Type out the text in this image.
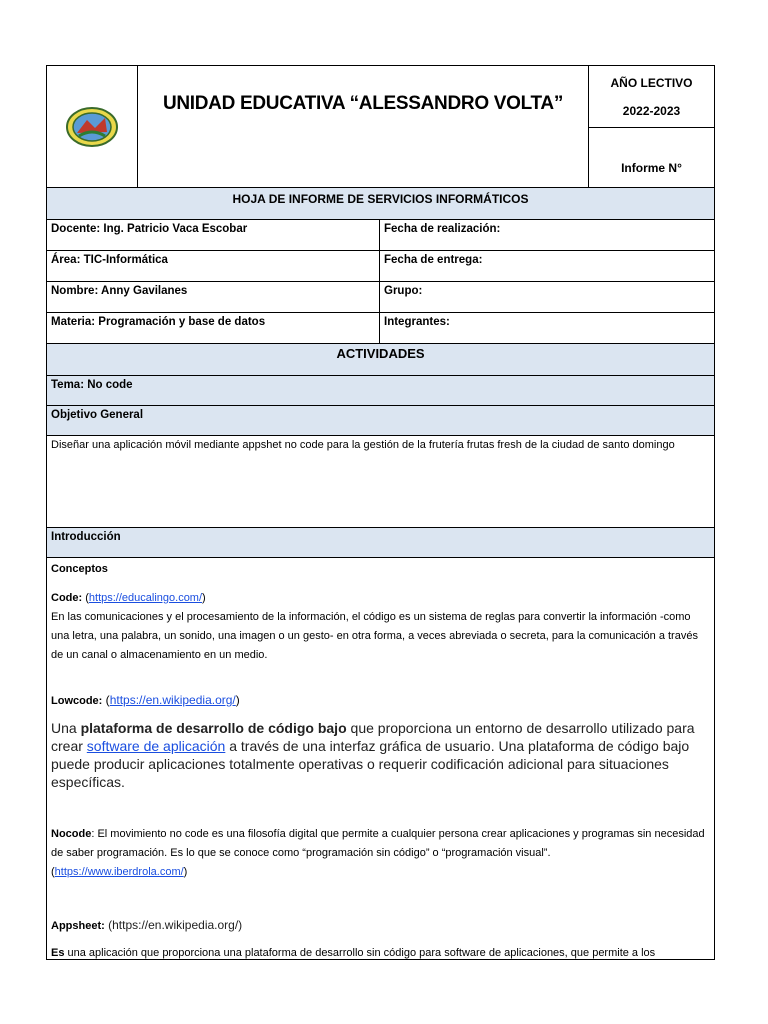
UNIDAD EDUCATIVA “ALESSANDRO VOLTA”
AÑO LECTIVO
2022-2023
Informe N°
HOJA DE INFORME DE SERVICIOS INFORMÁTICOS
Docente: Ing. Patricio Vaca Escobar	Fecha de realización:
Área: TIC-Informática	Fecha de entrega:
Nombre: Anny Gavilanes	Grupo:
Materia: Programación y base de datos	Integrantes:
ACTIVIDADES
Tema: No code
Objetivo General
Diseñar una aplicación móvil mediante appshet no code para la gestión de la frutería frutas fresh de la ciudad de santo domingo
Introducción
Conceptos
Code: (https://educalingo.com/)
En las comunicaciones y el procesamiento de la información, el código es un sistema de reglas para convertir la información -como una letra, una palabra, un sonido, una imagen o un gesto- en otra forma, a veces abreviada o secreta, para la comunicación a través de un canal o almacenamiento en un medio.
Lowcode: (https://en.wikipedia.org/)
Una plataforma de desarrollo de código bajo que proporciona un entorno de desarrollo utilizado para crear software de aplicación a través de una interfaz gráfica de usuario. Una plataforma de código bajo puede producir aplicaciones totalmente operativas o requerir codificación adicional para situaciones específicas.
Nocode: El movimiento no code es una filosofía digital que permite a cualquier persona crear aplicaciones y programas sin necesidad de saber programación. Es lo que se conoce como “programación sin código” o “programación visual”.
(https://www.iberdrola.com/)
Appsheet: (https://en.wikipedia.org/)
Es una aplicación que proporciona una plataforma de desarrollo sin código para software de aplicaciones, que permite a los
